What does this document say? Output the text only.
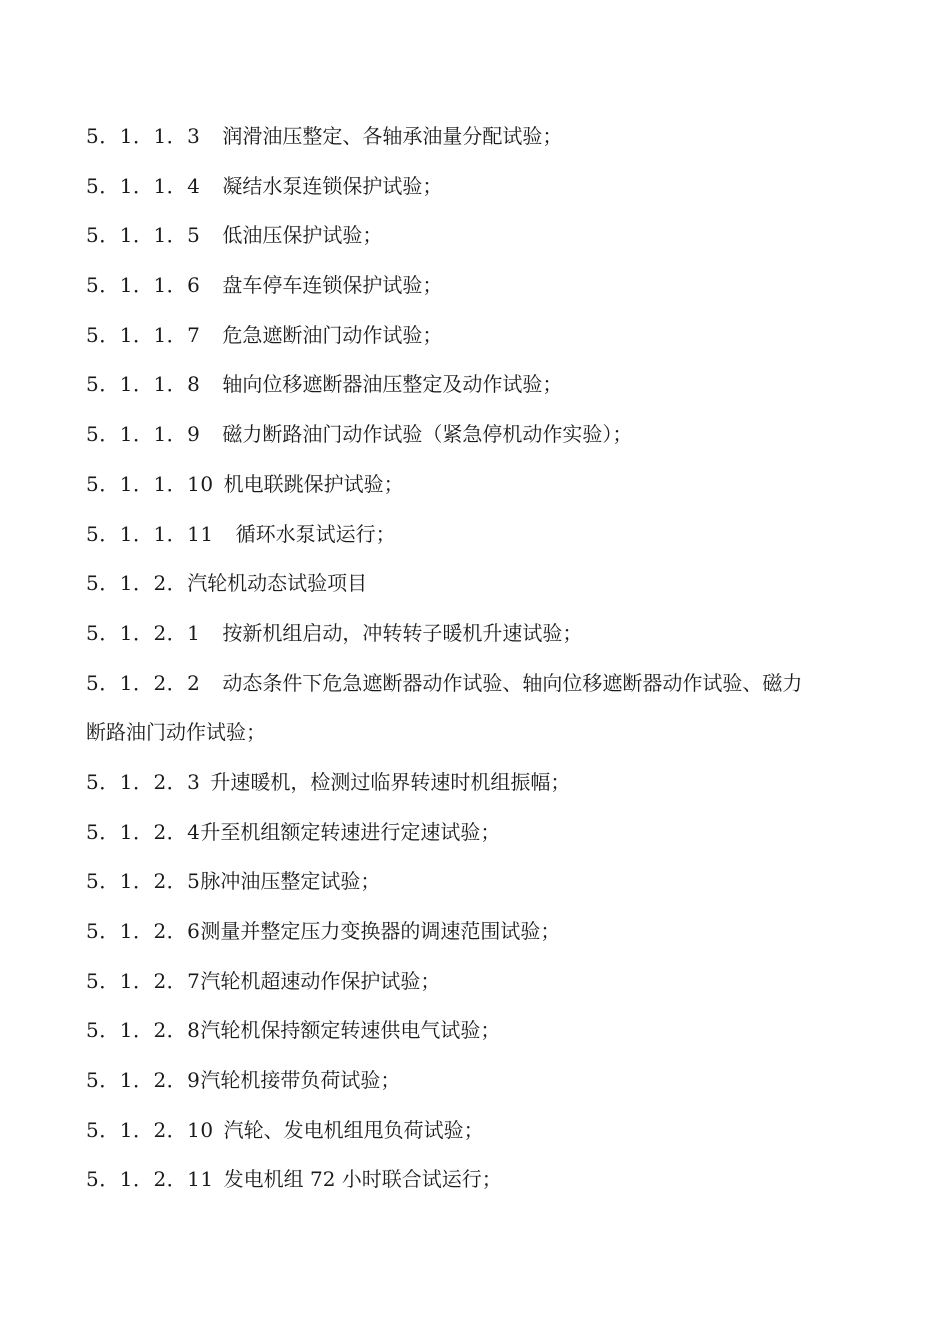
5．1．1．3 润滑油压整定、各轴承油量分配试验；
5．1．1．4 凝结水泵连锁保护试验；
5．1．1．5 低油压保护试验；
5．1．1．6 盘车停车连锁保护试验；
5．1．1．7 危急遮断油门动作试验；
5．1．1．8 轴向位移遮断器油压整定及动作试验；
5．1．1．9 磁力断路油门动作试验（紧急停机动作实验）；
5．1．1．10 机电联跳保护试验；
5．1．1．11 循环水泵试运行；
5．1．2．汽轮机动态试验项目
5．1．2．1 按新机组启动，冲转转子暖机升速试验；
5．1．2．2 动态条件下危急遮断器动作试验、轴向位移遮断器动作试验、磁力
断路油门动作试验；
5．1．2．3 升速暖机，检测过临界转速时机组振幅；
5．1．2．4升至机组额定转速进行定速试验；
5．1．2．5脉冲油压整定试验；
5．1．2．6测量并整定压力变换器的调速范围试验；
5．1．2．7汽轮机超速动作保护试验；
5．1．2．8汽轮机保持额定转速供电气试验；
5．1．2．9汽轮机接带负荷试验；
5．1．2．10 汽轮、发电机组甩负荷试验；
5．1．2．11 发电机组 72 小时联合试运行；
